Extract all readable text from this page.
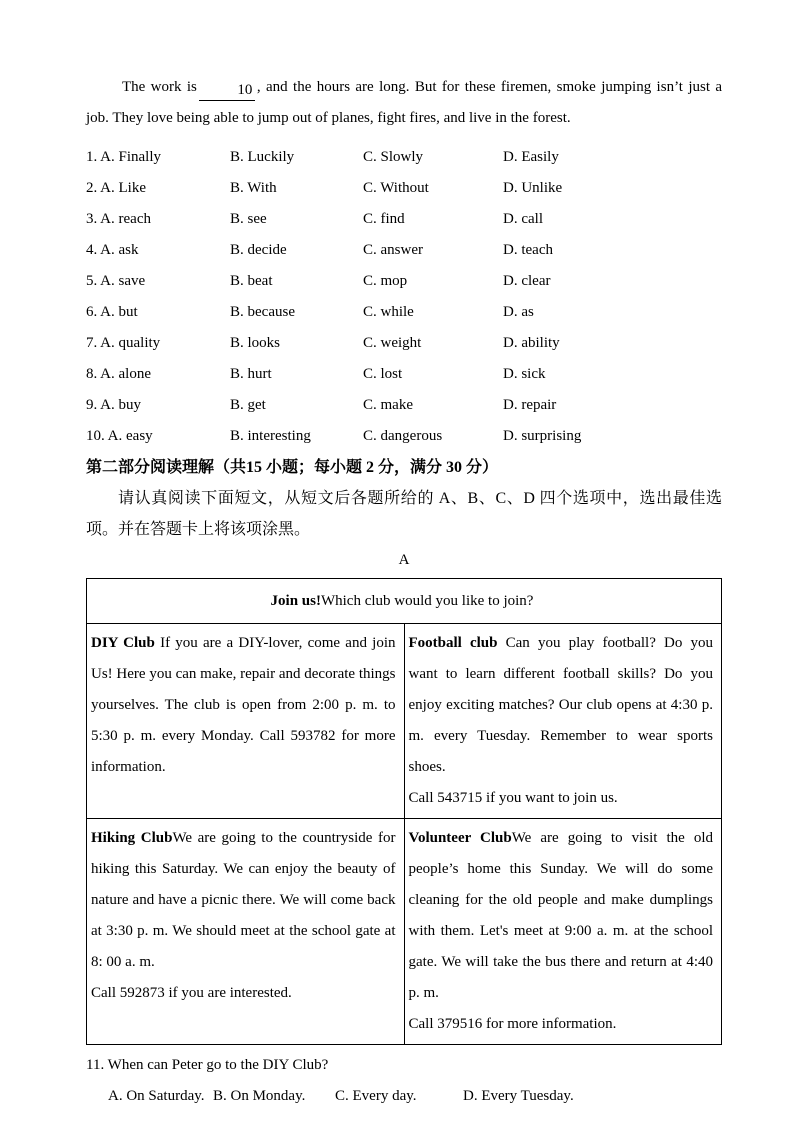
The work is	10 , and the hours are long. But for these firemen, smoke jumping isn’t just a job. They love being able to jump out of planes, fight fires, and live in the forest.

1. A. Finally	B. Luckily	C. Slowly	D. Easily
2. A. Like	B. With	C. Without	D. Unlike
3. A. reach	B. see	C. find	D. call
4. A. ask	B. decide	C. answer	D. teach
5. A. save	B. beat	C. mop	D. clear
6. A. but	B. because	C. while	D. as
7. A. quality	B. looks	C. weight	D. ability
8. A. alone	B. hurt	C. lost	D. sick
9. A. buy	B. get	C. make	D. repair
10. A. easy	B. interesting	C. dangerous	D. surprising

第二部分阅读理解（共15 小题；每小题 2 分，满分 30 分）

请认真阅读下面短文，从短文后各题所给的 A、B、C、D 四个选项中，选出最佳选项。并在答题卡上将该项涂黑。

A
Join us!Which club would you like to join?	

DIY Club If you are a DIY-lover, come and join Us! Here you can make, repair and decorate things yourselves. The club is open from 2:00 p. m. to 5:30 p. m. every Monday. Call 593782 for more information.

Football club Can you play football? Do you want to learn different football skills? Do you enjoy exciting matches? Our club opens at 4:30 p. m. every Tuesday. Remember to wear sports shoes.
Call 543715 if you want to join us.

Hiking ClubWe are going to the countryside for hiking this Saturday. We can enjoy the beauty of nature and have a picnic there. We will come back at 3:30 p. m. We should meet at the school gate at 8: 00 a. m.
Call 592873 if you are interested.

Volunteer ClubWe are going to visit the old people’s home this Sunday. We will do some cleaning for the old people and make dumplings with them. Let's meet at 9:00 a. m. at the school gate. We will take the bus there and return at 4:40 p. m.
Call 379516 for more information.
11. When can Peter go to the DIY Club?
A. On Saturday. B. On Monday.	C. Every day.	D. Every Tuesday.
